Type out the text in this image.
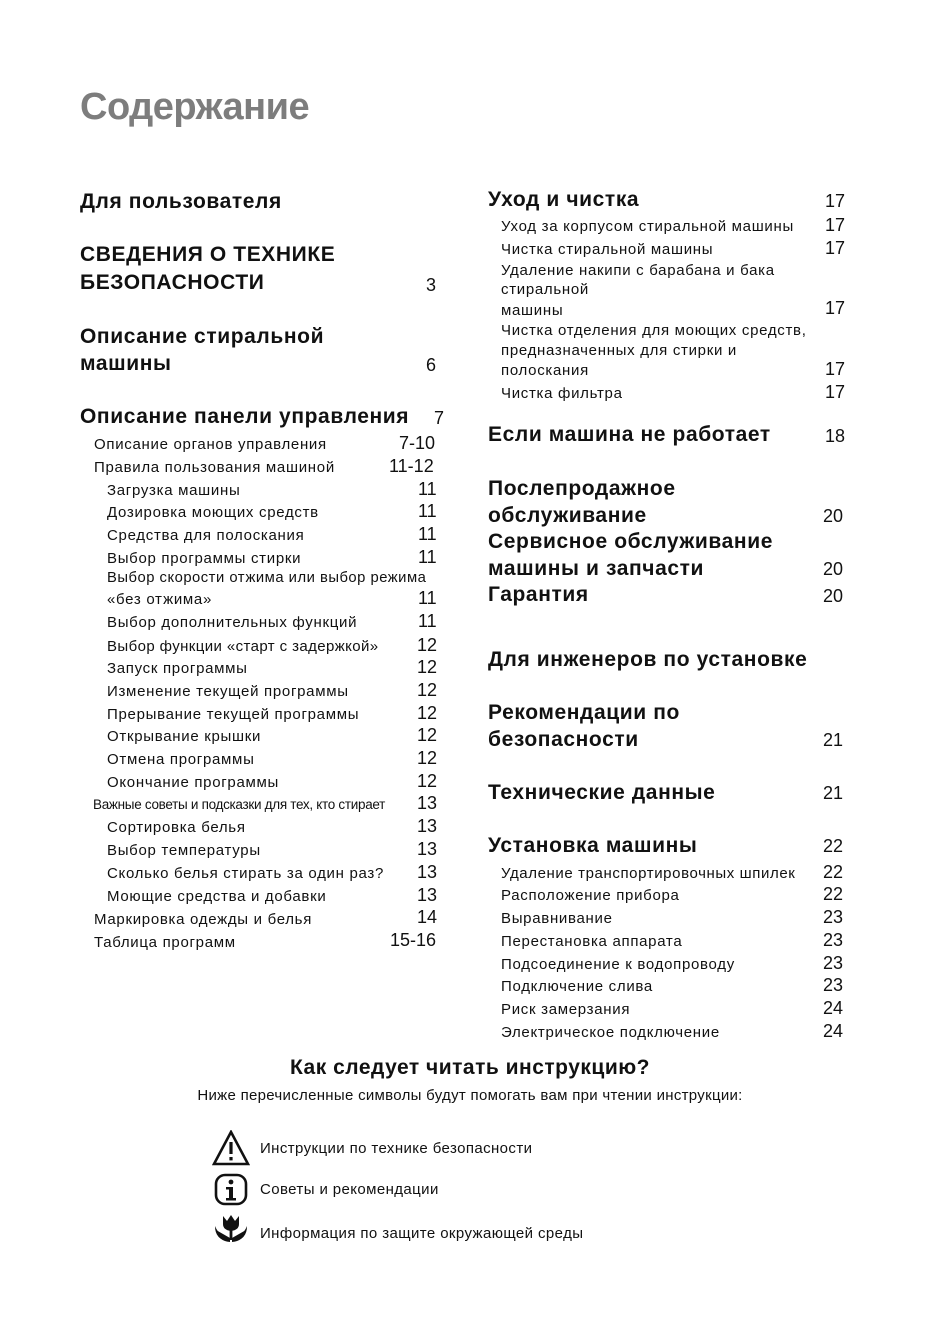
Содержание
Для пользователя
СВЕДЕНИЯ О ТЕХНИКЕ
БЕЗОПАСНОСТИ	3
Описание стиральной
машины	6
Описание панели управления 7
Описание органов управления	7-10
Правила пользования машиной	11-12
Загрузка машины	11
Дозировка моющих средств	11
Средства для полоскания	11
Выбор программы стирки	11
Выбор скорости отжима или выбор режима
«без отжима»	11
Выбор дополнительных функций	11
Выбор функции «старт с задержкой» 12
Запуск программы	12
Изменение текущей программы	12
Прерывание текущей программы	12
Открывание крышки	12
Отмена программы	12
Окончание программы	12
Важные советы и подсказки для тех, кто стирает 13
Сортировка белья	13
Выбор температуры	13
Сколько белья стирать за один раз? 13
Моющие средства и добавки	13
Маркировка одежды и белья	14
Таблица программ	15-16
Уход и чистка	17
Уход за корпусом стиральной машины 17
Чистка стиральной машины	17
Удаление накипи с барабана и бака
стиральной
машины	17
Чистка отделения для моющих средств,
предназначенных для стирки и
полоскания	17
Чистка фильтра	17
Если машина не работает	18
Послепродажное
обслуживание	20
Сервисное обслуживание
машины и запчасти	20
Гарантия	20
Для инженеров по установке
Рекомендации по
безопасности	21
Технические данные	21
Установка машины	22
Удаление транспортировочных шпилек 22
Расположение прибора	22
Выравнивание	23
Перестановка аппарата	23
Подсоединение к водопроводу	23
Подключение слива	23
Риск замерзания	24
Электрическое подключение	24
Как следует читать инструкцию?
Ниже перечисленные символы будут помогать вам при чтении инструкции:
Инструкции по технике безопасности
Советы и рекомендации
Информация по защите окружающей среды
